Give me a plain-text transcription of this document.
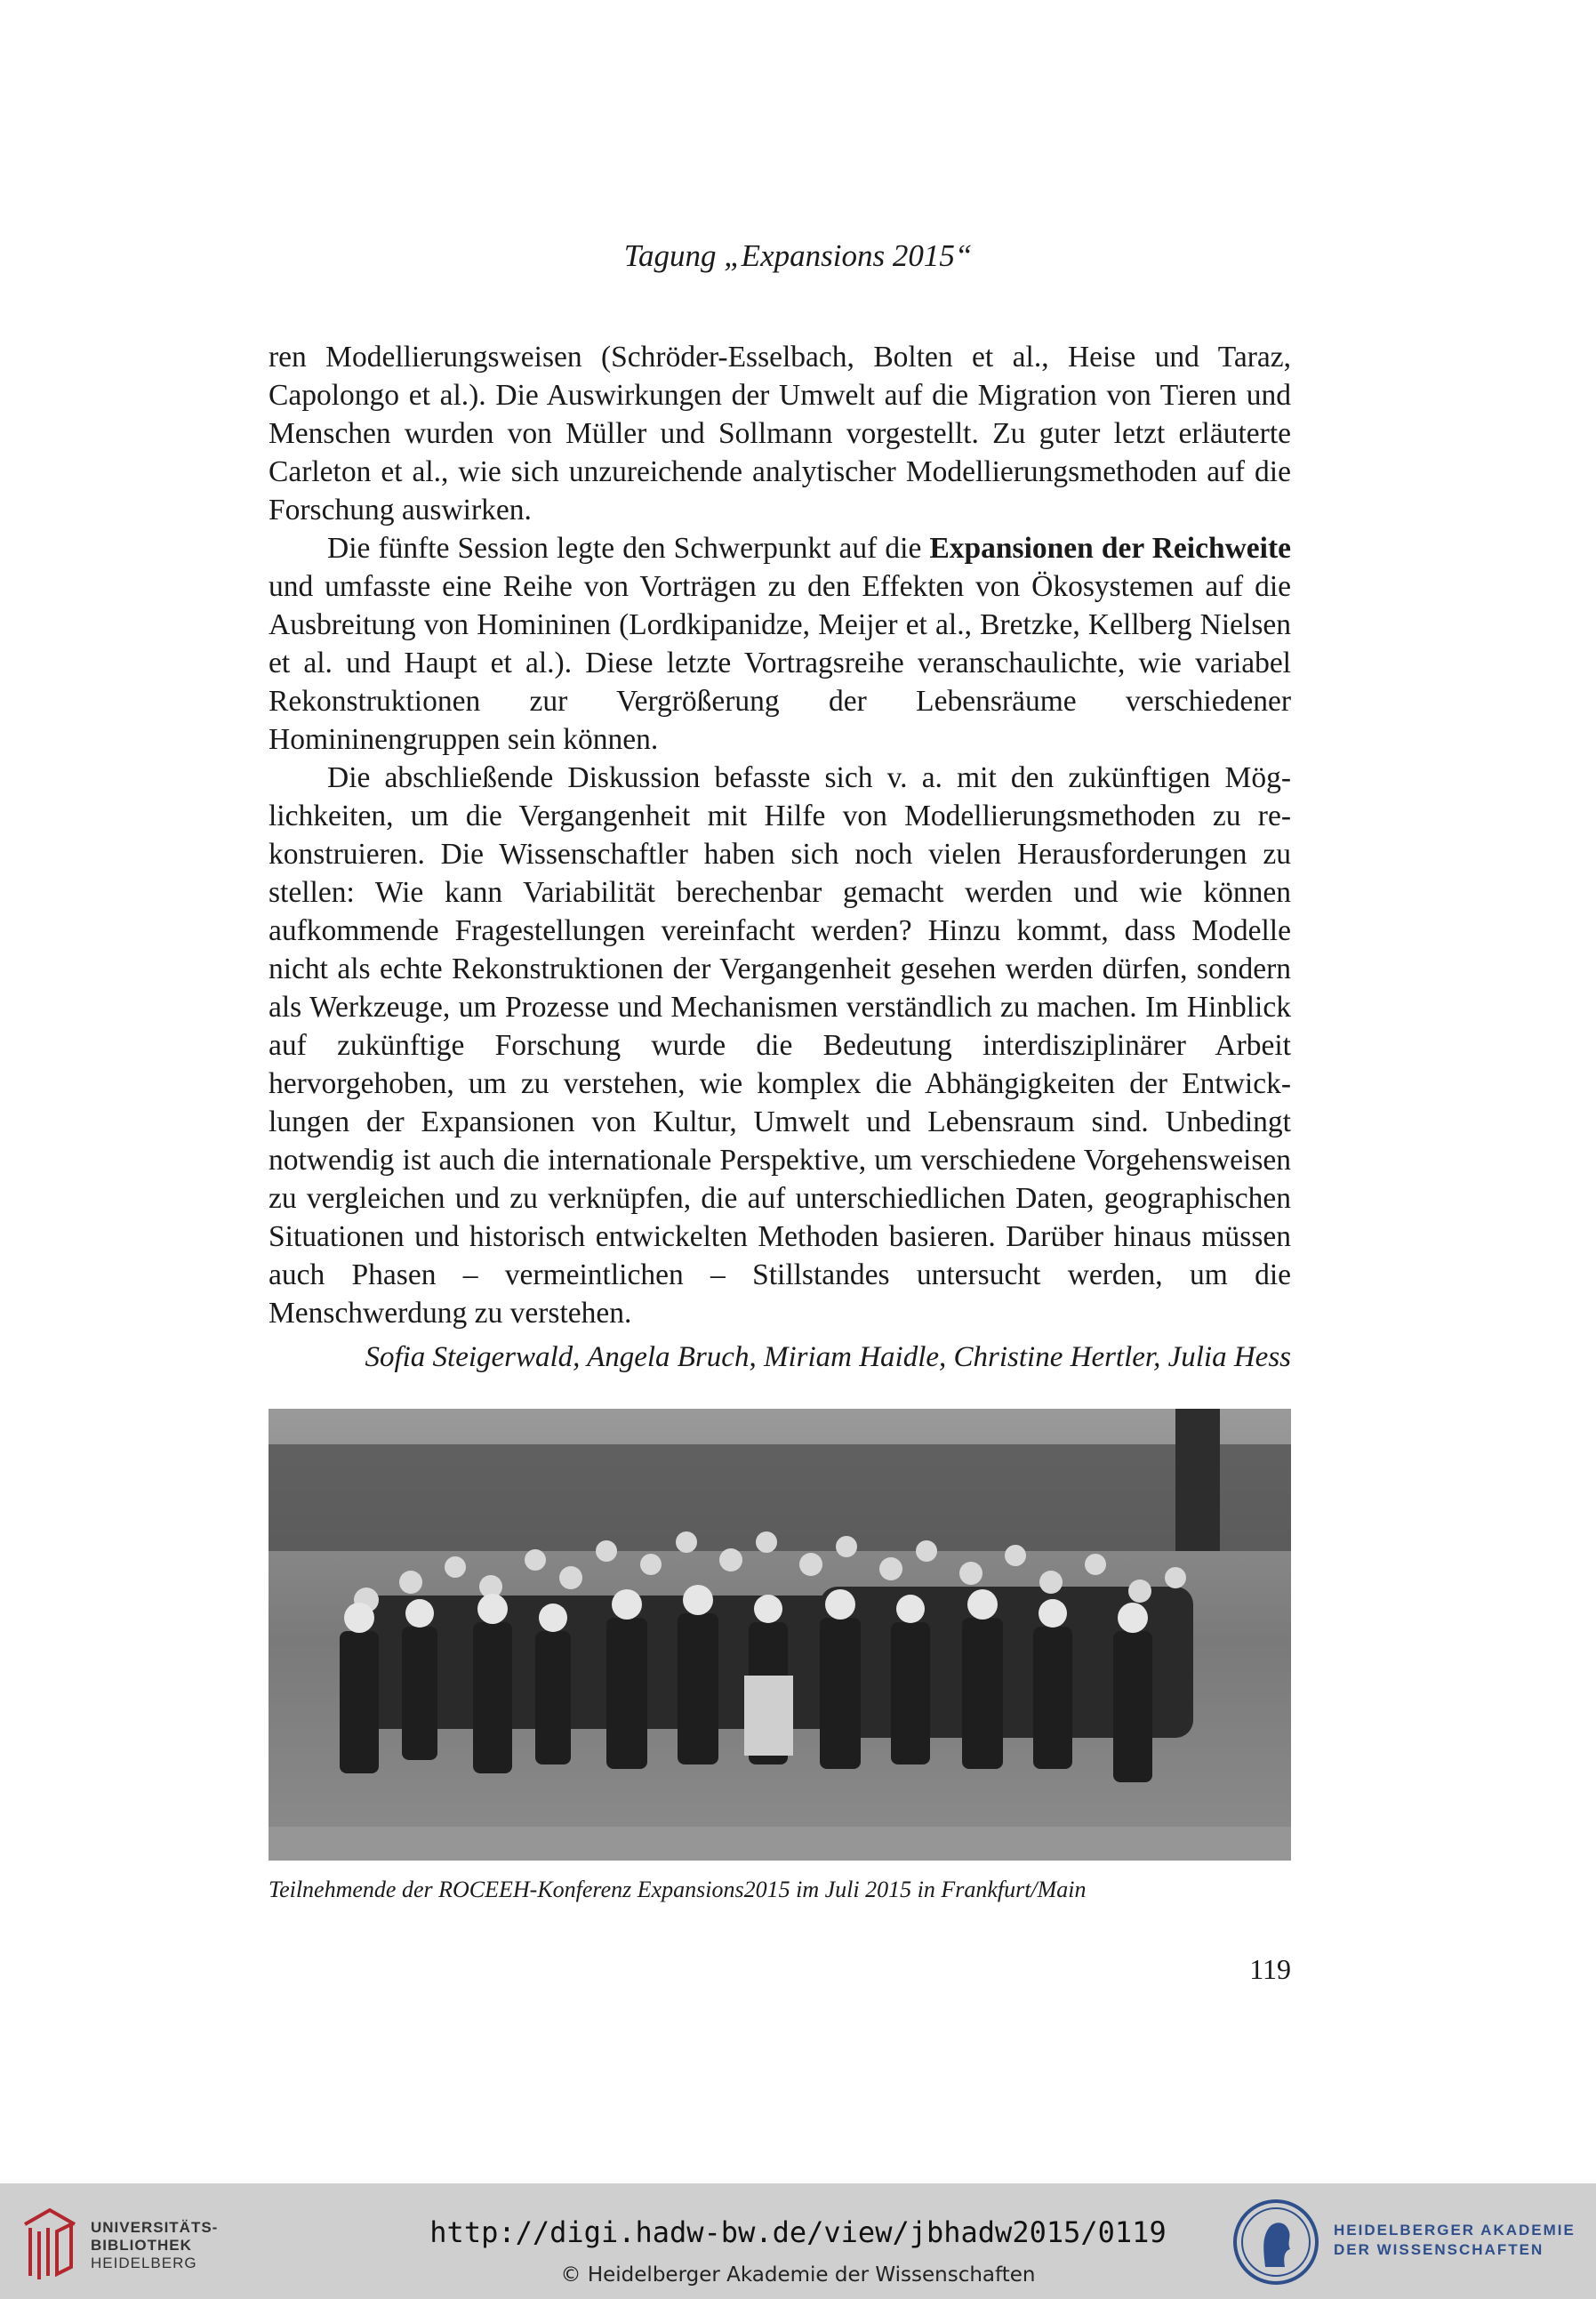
Tagung „Expansions 2015“

ren Modellierungsweisen (Schröder-Esselbach, Bolten et al., Heise und Taraz, Capolongo et al.). Die Auswirkungen der Umwelt auf die Migration von Tieren und Menschen wurden von Müller und Sollmann vorgestellt. Zu guter letzt erläuterte Carleton et al., wie sich unzureichende analytischer Modellierungsmethoden auf die Forschung auswirken.

Die fünfte Session legte den Schwerpunkt auf die Expansionen der Reichweite und umfasste eine Reihe von Vorträgen zu den Effekten von Ökosystemen auf die Ausbreitung von Homininen (Lordkipanidze, Meijer et al., Bretzke, Kellberg Nielsen et al. und Haupt et al.). Diese letzte Vortragsreihe veranschaulichte, wie variabel Rekonstruktionen zur Vergrößerung der Lebensräume verschiedener Homininengruppen sein können.

Die abschließende Diskussion befasste sich v. a. mit den zukünftigen Möglichkeiten, um die Vergangenheit mit Hilfe von Modellierungsmethoden zu rekonstruieren. Die Wissenschaftler haben sich noch vielen Herausforderungen zu stellen: Wie kann Variabilität berechenbar gemacht werden und wie können aufkommende Fragestellungen vereinfacht werden? Hinzu kommt, dass Modelle nicht als echte Rekonstruktionen der Vergangenheit gesehen werden dürfen, sondern als Werkzeuge, um Prozesse und Mechanismen verständlich zu machen. Im Hinblick auf zukünftige Forschung wurde die Bedeutung interdisziplinärer Arbeit hervorgehoben, um zu verstehen, wie komplex die Abhängigkeiten der Entwicklungen der Expansionen von Kultur, Umwelt und Lebensraum sind. Unbedingt notwendig ist auch die internationale Perspektive, um verschiedene Vorgehensweisen zu vergleichen und zu verknüpfen, die auf unterschiedlichen Daten, geographischen Situationen und historisch entwickelten Methoden basieren. Darüber hinaus müssen auch Phasen – vermeintlichen – Stillstandes untersucht werden, um die Menschwerdung zu verstehen.

Sofia Steigerwald, Angela Bruch, Miriam Haidle, Christine Hertler, Julia Hess
Teilnehmende der ROCEEH-Konferenz Expansions2015 im Juli 2015 in Frankfurt/Main
119
UNIVERSITÄTS-
BIBLIOTHEK
HEIDELBERG
http://digi.hadw-bw.de/view/jbhadw2015/0119
© Heidelberger Akademie der Wissenschaften
HEIDELBERGER AKADEMIE
DER WISSENSCHAFTEN
